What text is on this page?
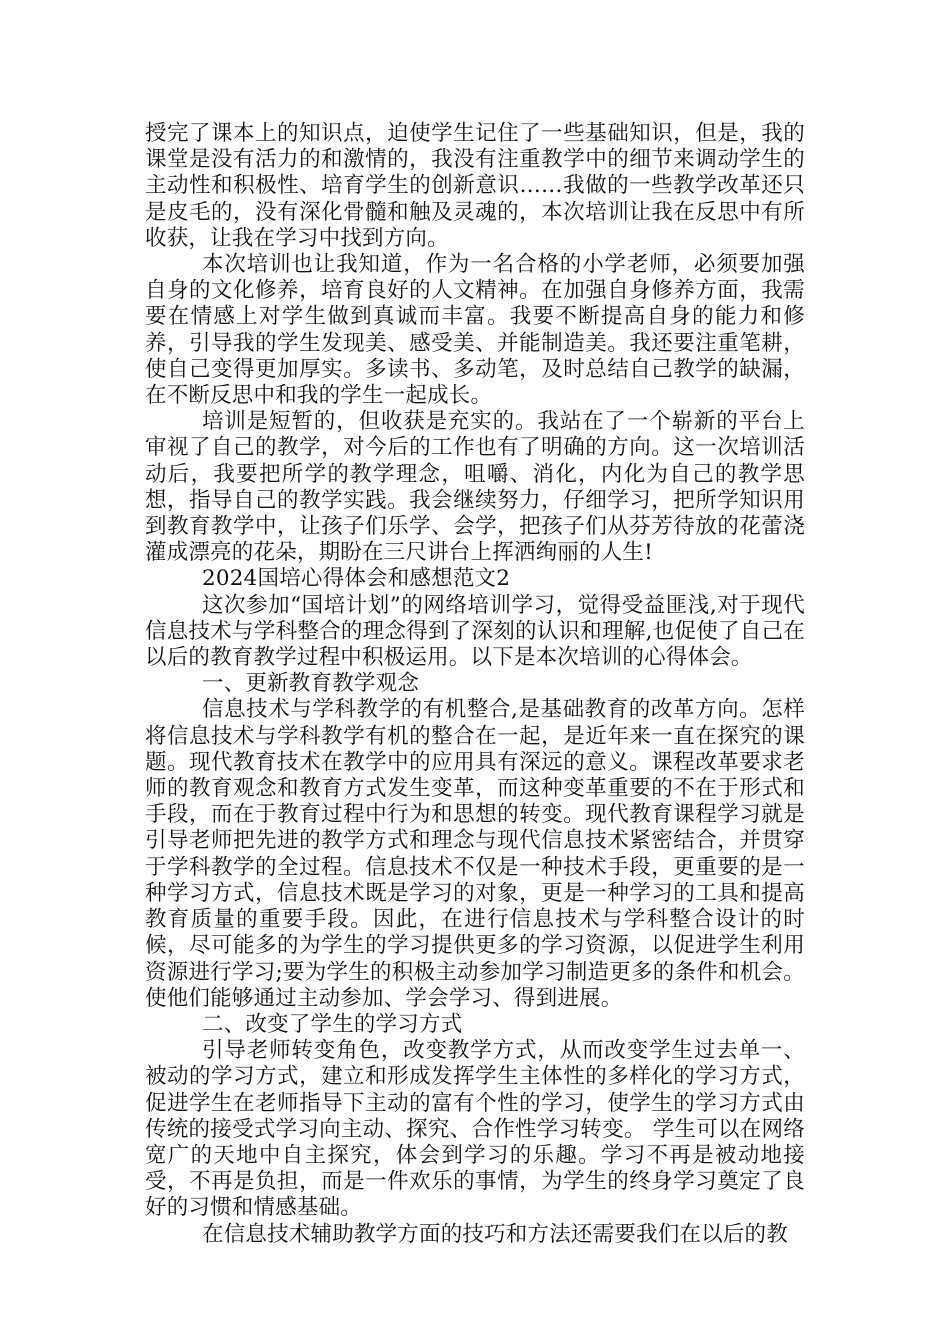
授完了课本上的知识点，迫使学生记住了一些基础知识，但是，我的课堂是没有活力的和激情的，我没有注重教学中的细节来调动学生的主动性和积极性、培育学生的创新意识……我做的一些教学改革还只是皮毛的，没有深化骨髓和触及灵魂的，本次培训让我在反思中有所收获，让我在学习中找到方向。

本次培训也让我知道，作为一名合格的小学老师，必须要加强自身的文化修养，培育良好的人文精神。在加强自身修养方面，我需要在情感上对学生做到真诚而丰富。我要不断提高自身的能力和修养，引导我的学生发现美、感受美、并能制造美。我还要注重笔耕，使自己变得更加厚实。多读书、多动笔，及时总结自己教学的缺漏，在不断反思中和我的学生一起成长。

培训是短暂的，但收获是充实的。我站在了一个崭新的平台上审视了自己的教学，对今后的工作也有了明确的方向。这一次培训活动后，我要把所学的教学理念，咀嚼、消化，内化为自己的教学思想，指导自己的教学实践。我会继续努力，仔细学习，把所学知识用到教育教学中，让孩子们乐学、会学，把孩子们从芬芳待放的花蕾浇灌成漂亮的花朵，期盼在三尺讲台上挥洒绚丽的人生!

2024国培心得体会和感想范文2

这次参加“国培计划”的网络培训学习，觉得受益匪浅,对于现代信息技术与学科整合的理念得到了深刻的认识和理解,也促使了自己在以后的教育教学过程中积极运用。以下是本次培训的心得体会。

一、更新教育教学观念

信息技术与学科教学的有机整合,是基础教育的改革方向。怎样将信息技术与学科教学有机的整合在一起，是近年来一直在探究的课题。现代教育技术在教学中的应用具有深远的意义。课程改革要求老师的教育观念和教育方式发生变革，而这种变革重要的不在于形式和手段，而在于教育过程中行为和思想的转变。现代教育课程学习就是引导老师把先进的教学方式和理念与现代信息技术紧密结合，并贯穿于学科教学的全过程。信息技术不仅是一种技术手段，更重要的是一种学习方式，信息技术既是学习的对象，更是一种学习的工具和提高教育质量的重要手段。因此，在进行信息技术与学科整合设计的时候，尽可能多的为学生的学习提供更多的学习资源，以促进学生利用资源进行学习;要为学生的积极主动参加学习制造更多的条件和机会。使他们能够通过主动参加、学会学习、得到进展。

二、改变了学生的学习方式

引导老师转变角色，改变教学方式，从而改变学生过去单一、被动的学习方式，建立和形成发挥学生主体性的多样化的学习方式，促进学生在老师指导下主动的富有个性的学习，使学生的学习方式由传统的接受式学习向主动、探究、合作性学习转变。 学生可以在网络宽广的天地中自主探究，体会到学习的乐趣。学习不再是被动地接受，不再是负担，而是一件欢乐的事情，为学生的终身学习奠定了良好的习惯和情感基础。

在信息技术辅助教学方面的技巧和方法还需要我们在以后的教
